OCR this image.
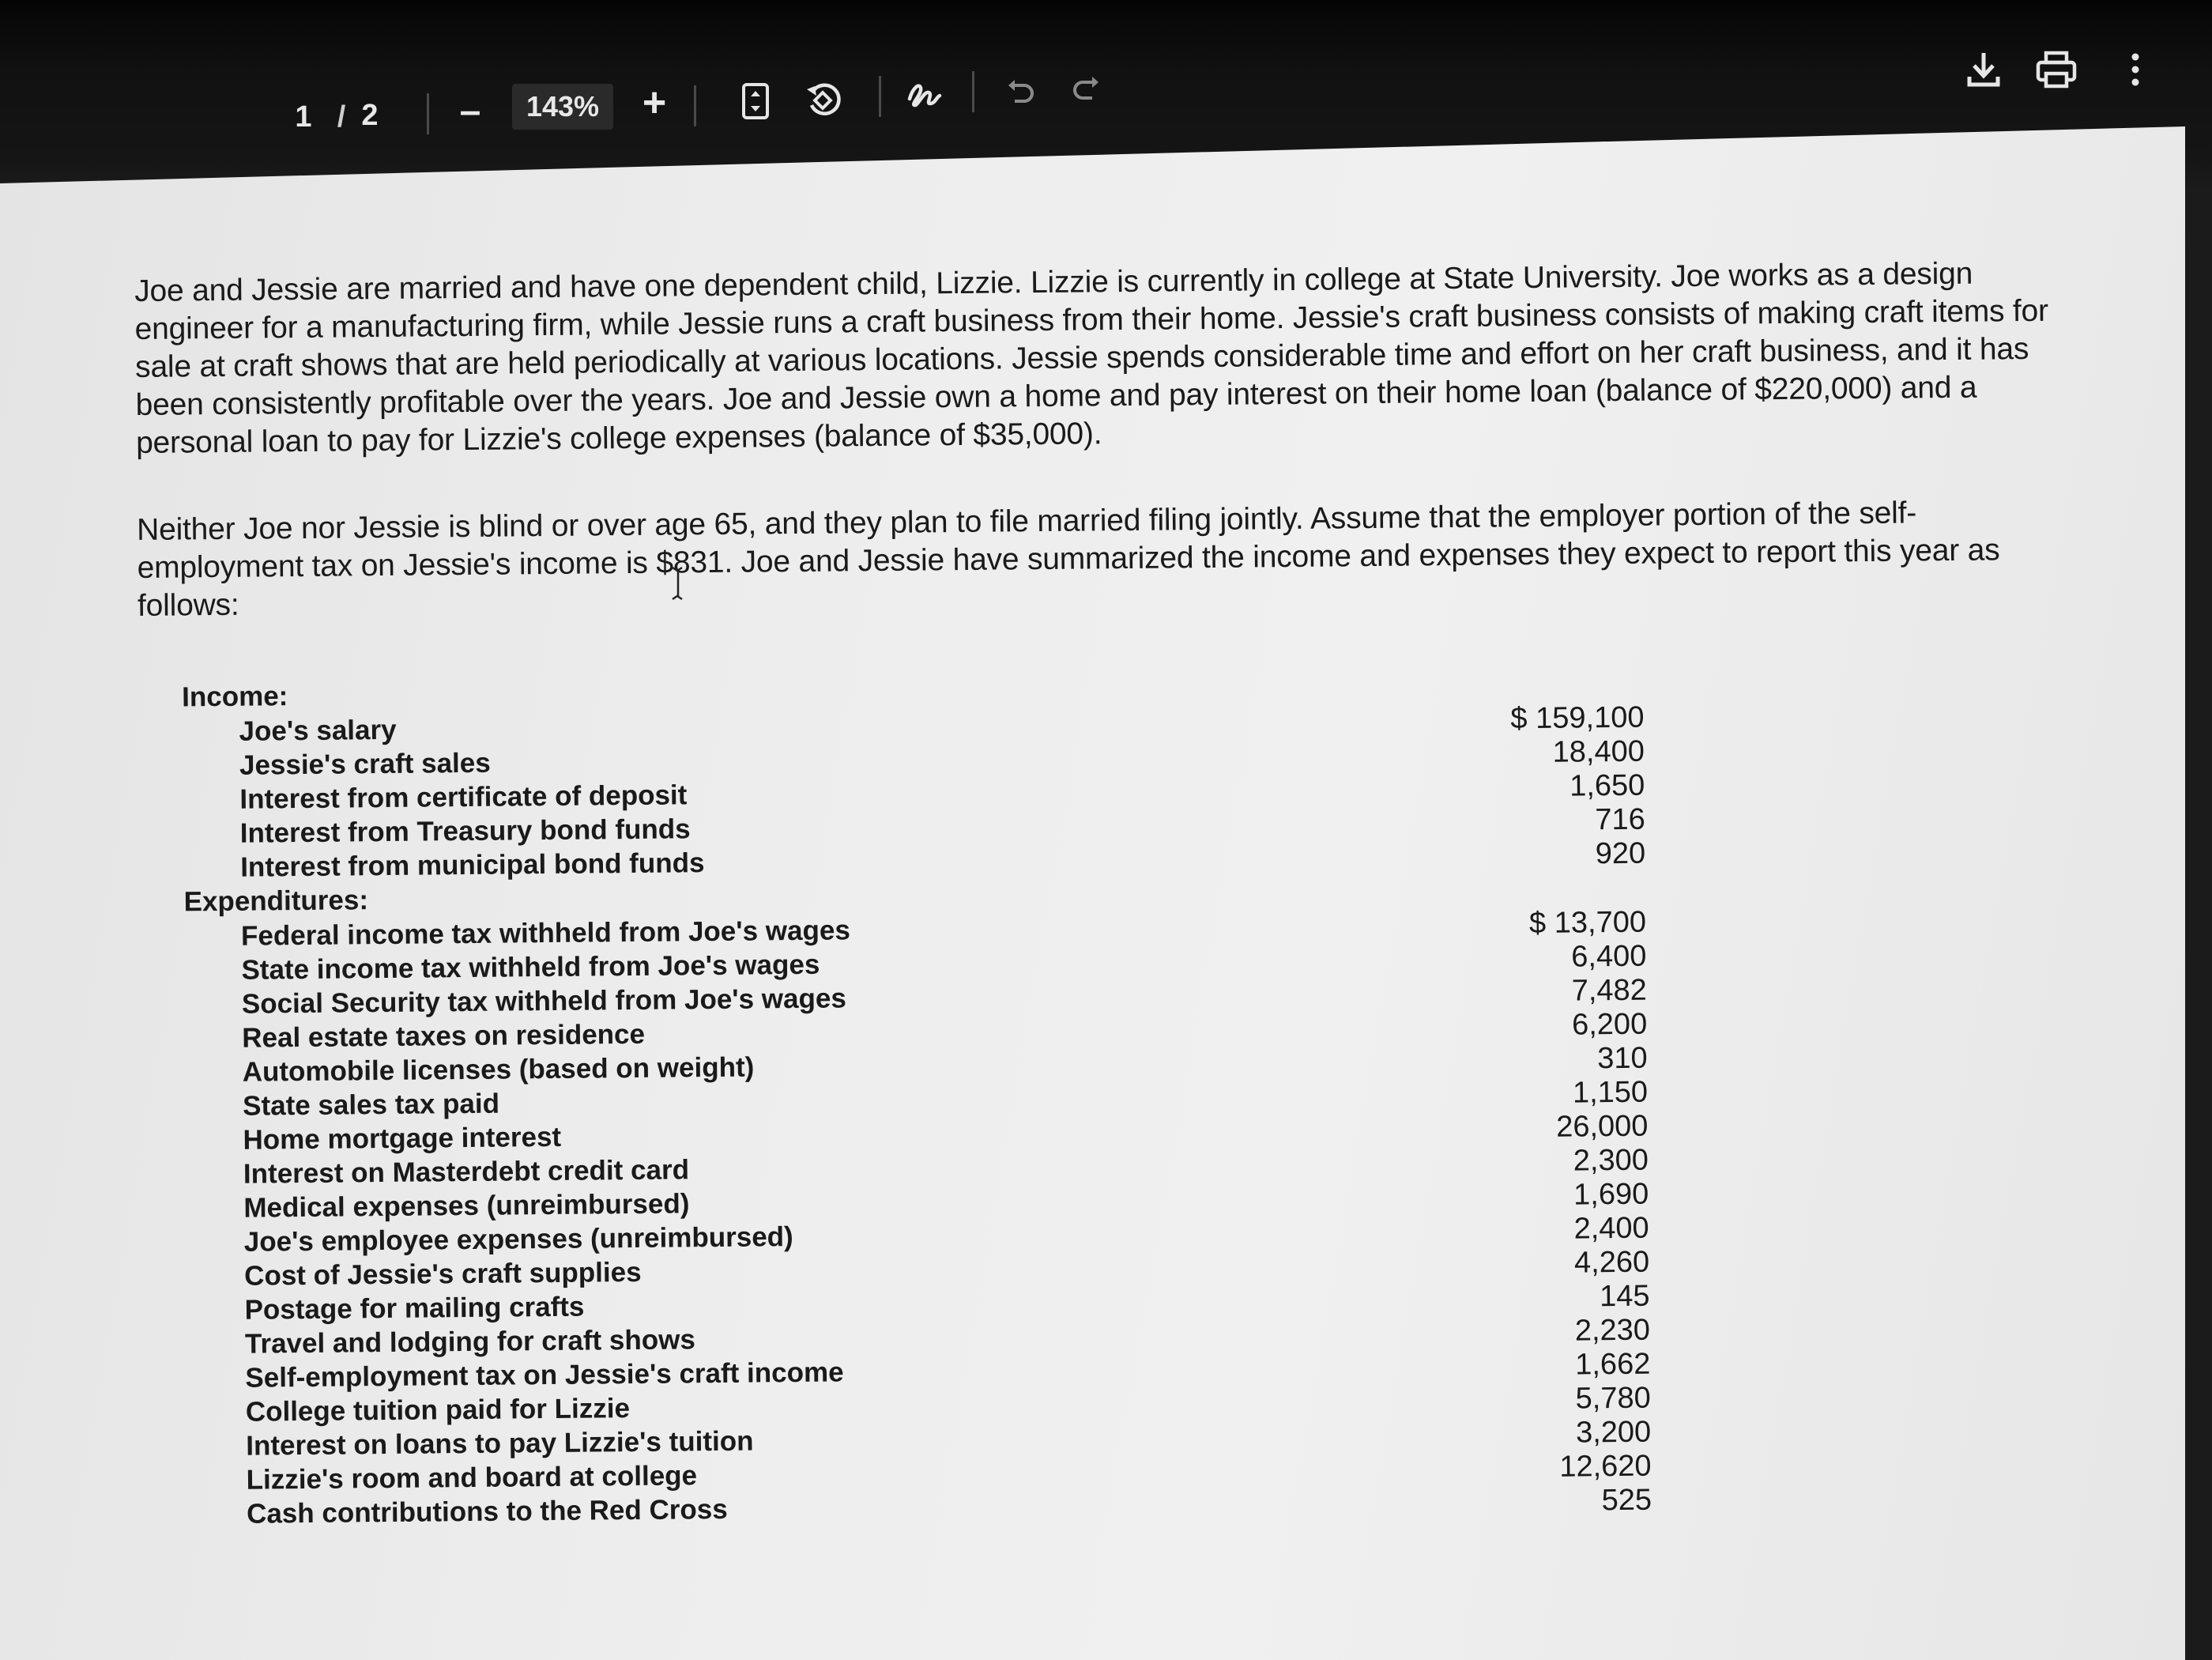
1 / 2 –	143%	+

Joe and Jessie are married and have one dependent child, Lizzie. Lizzie is currently in college at State University. Joe works as a design engineer for a manufacturing firm, while Jessie runs a craft business from their home. Jessie's craft business consists of making craft items for sale at craft shows that are held periodically at various locations. Jessie spends considerable time and effort on her craft business, and it has been consistently profitable over the years. Joe and Jessie own a home and pay interest on their home loan (balance of $220,000) and a personal loan to pay for Lizzie's college expenses (balance of $35,000).

Neither Joe nor Jessie is blind or over age 65, and they plan to file married filing jointly. Assume that the employer portion of the self-employment tax on Jessie's income is $831. Joe and Jessie have summarized the income and expenses they expect to report this year as follows:

Income:
Joe's salary	$ 159,100
Jessie's craft sales	18,400
Interest from certificate of deposit	1,650
Interest from Treasury bond funds	716
Interest from municipal bond funds	920
Expenditures:
Federal income tax withheld from Joe's wages	$ 13,700
State income tax withheld from Joe's wages	6,400
Social Security tax withheld from Joe's wages	7,482
Real estate taxes on residence	6,200
Automobile licenses (based on weight)	310
State sales tax paid	1,150
Home mortgage interest	26,000
Interest on Masterdebt credit card	2,300
Medical expenses (unreimbursed)	1,690
Joe's employee expenses (unreimbursed)	2,400
Cost of Jessie's craft supplies	4,260
Postage for mailing crafts	145
Travel and lodging for craft shows	2,230
Self-employment tax on Jessie's craft income	1,662
College tuition paid for Lizzie	5,780
Interest on loans to pay Lizzie's tuition	3,200
Lizzie's room and board at college	12,620
Cash contributions to the Red Cross	525
